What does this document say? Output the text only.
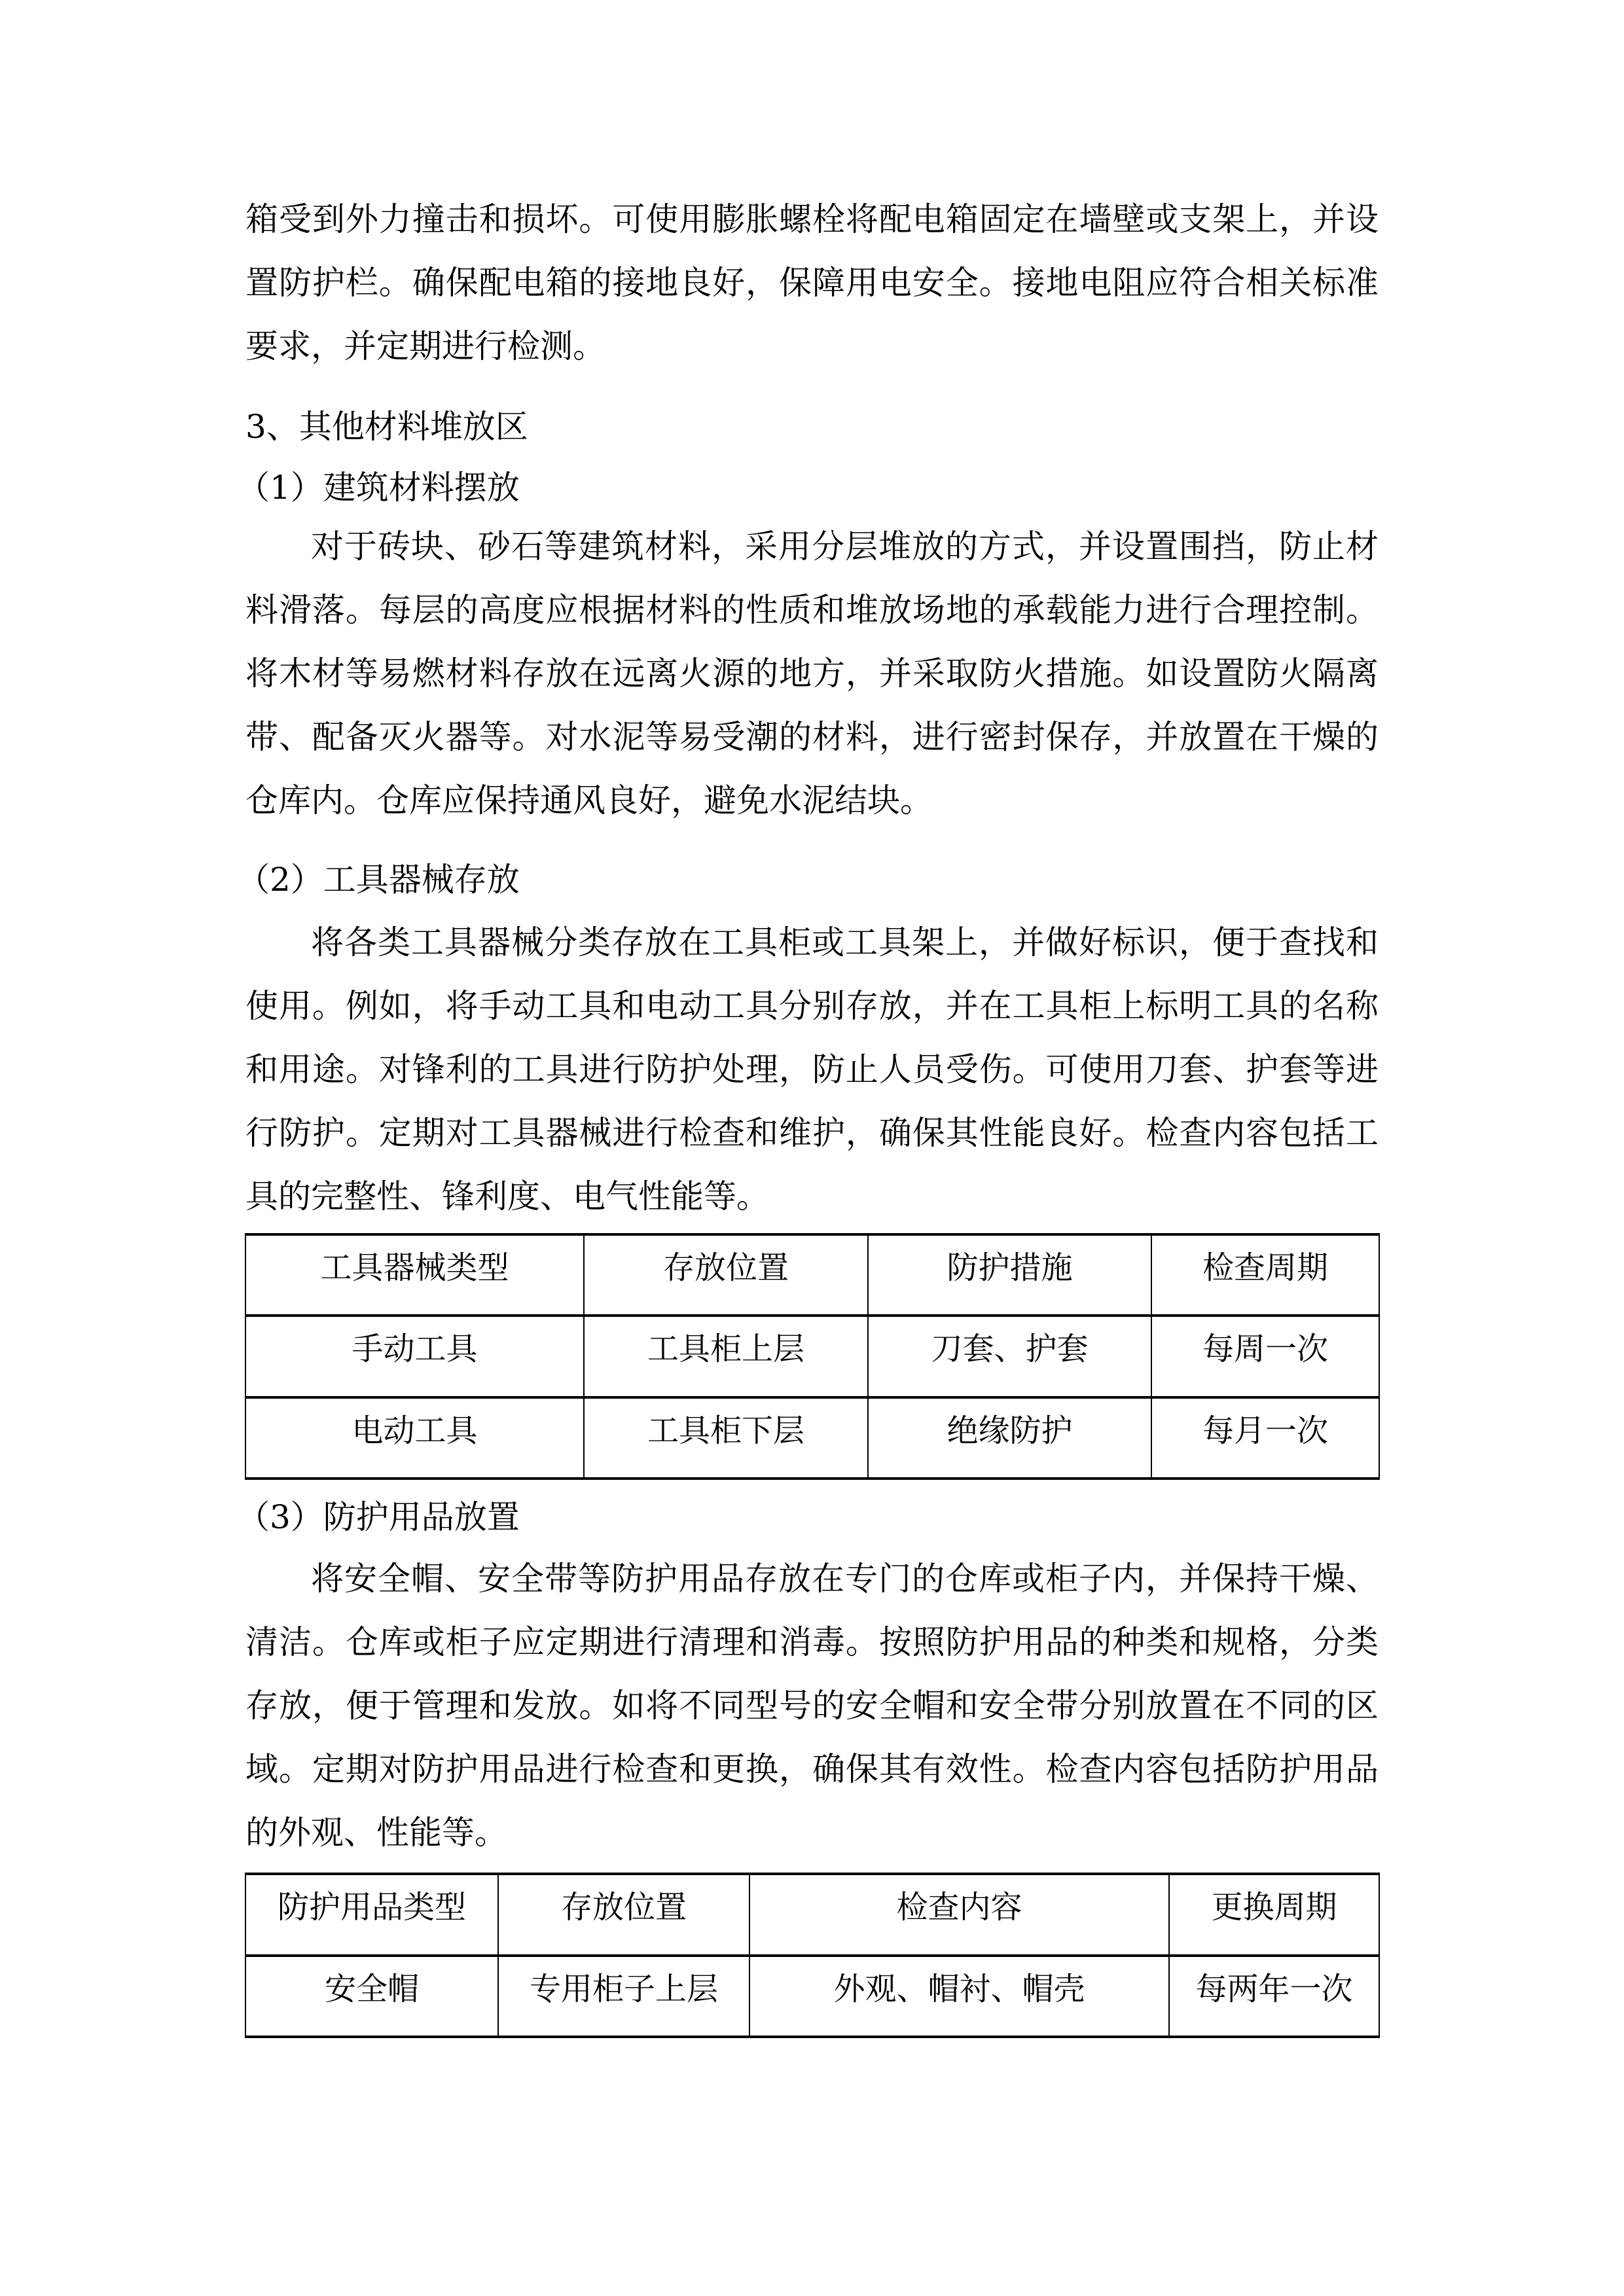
箱受到外力撞击和损坏。可使用膨胀螺栓将配电箱固定在墙壁或支架上，并设置防护栏。确保配电箱的接地良好，保障用电安全。接地电阻应符合相关标准要求，并定期进行检测。
3、其他材料堆放区
（1）建筑材料摆放
对于砖块、砂石等建筑材料，采用分层堆放的方式，并设置围挡，防止材料滑落。每层的高度应根据材料的性质和堆放场地的承载能力进行合理控制。将木材等易燃材料存放在远离火源的地方，并采取防火措施。如设置防火隔离带、配备灭火器等。对水泥等易受潮的材料，进行密封保存，并放置在干燥的仓库内。仓库应保持通风良好，避免水泥结块。
（2）工具器械存放
将各类工具器械分类存放在工具柜或工具架上，并做好标识，便于查找和使用。例如，将手动工具和电动工具分别存放，并在工具柜上标明工具的名称和用途。对锋利的工具进行防护处理，防止人员受伤。可使用刀套、护套等进行防护。定期对工具器械进行检查和维护，确保其性能良好。检查内容包括工具的完整性、锋利度、电气性能等。
工具器械类型	存放位置	防护措施	检查周期
手动工具	工具柜上层	刀套、护套	每周一次
电动工具	工具柜下层	绝缘防护	每月一次
（3）防护用品放置
将安全帽、安全带等防护用品存放在专门的仓库或柜子内，并保持干燥、清洁。仓库或柜子应定期进行清理和消毒。按照防护用品的种类和规格，分类存放，便于管理和发放。如将不同型号的安全帽和安全带分别放置在不同的区域。定期对防护用品进行检查和更换，确保其有效性。检查内容包括防护用品的外观、性能等。
防护用品类型	存放位置	检查内容	更换周期
安全帽	专用柜子上层	外观、帽衬、帽壳	每两年一次
